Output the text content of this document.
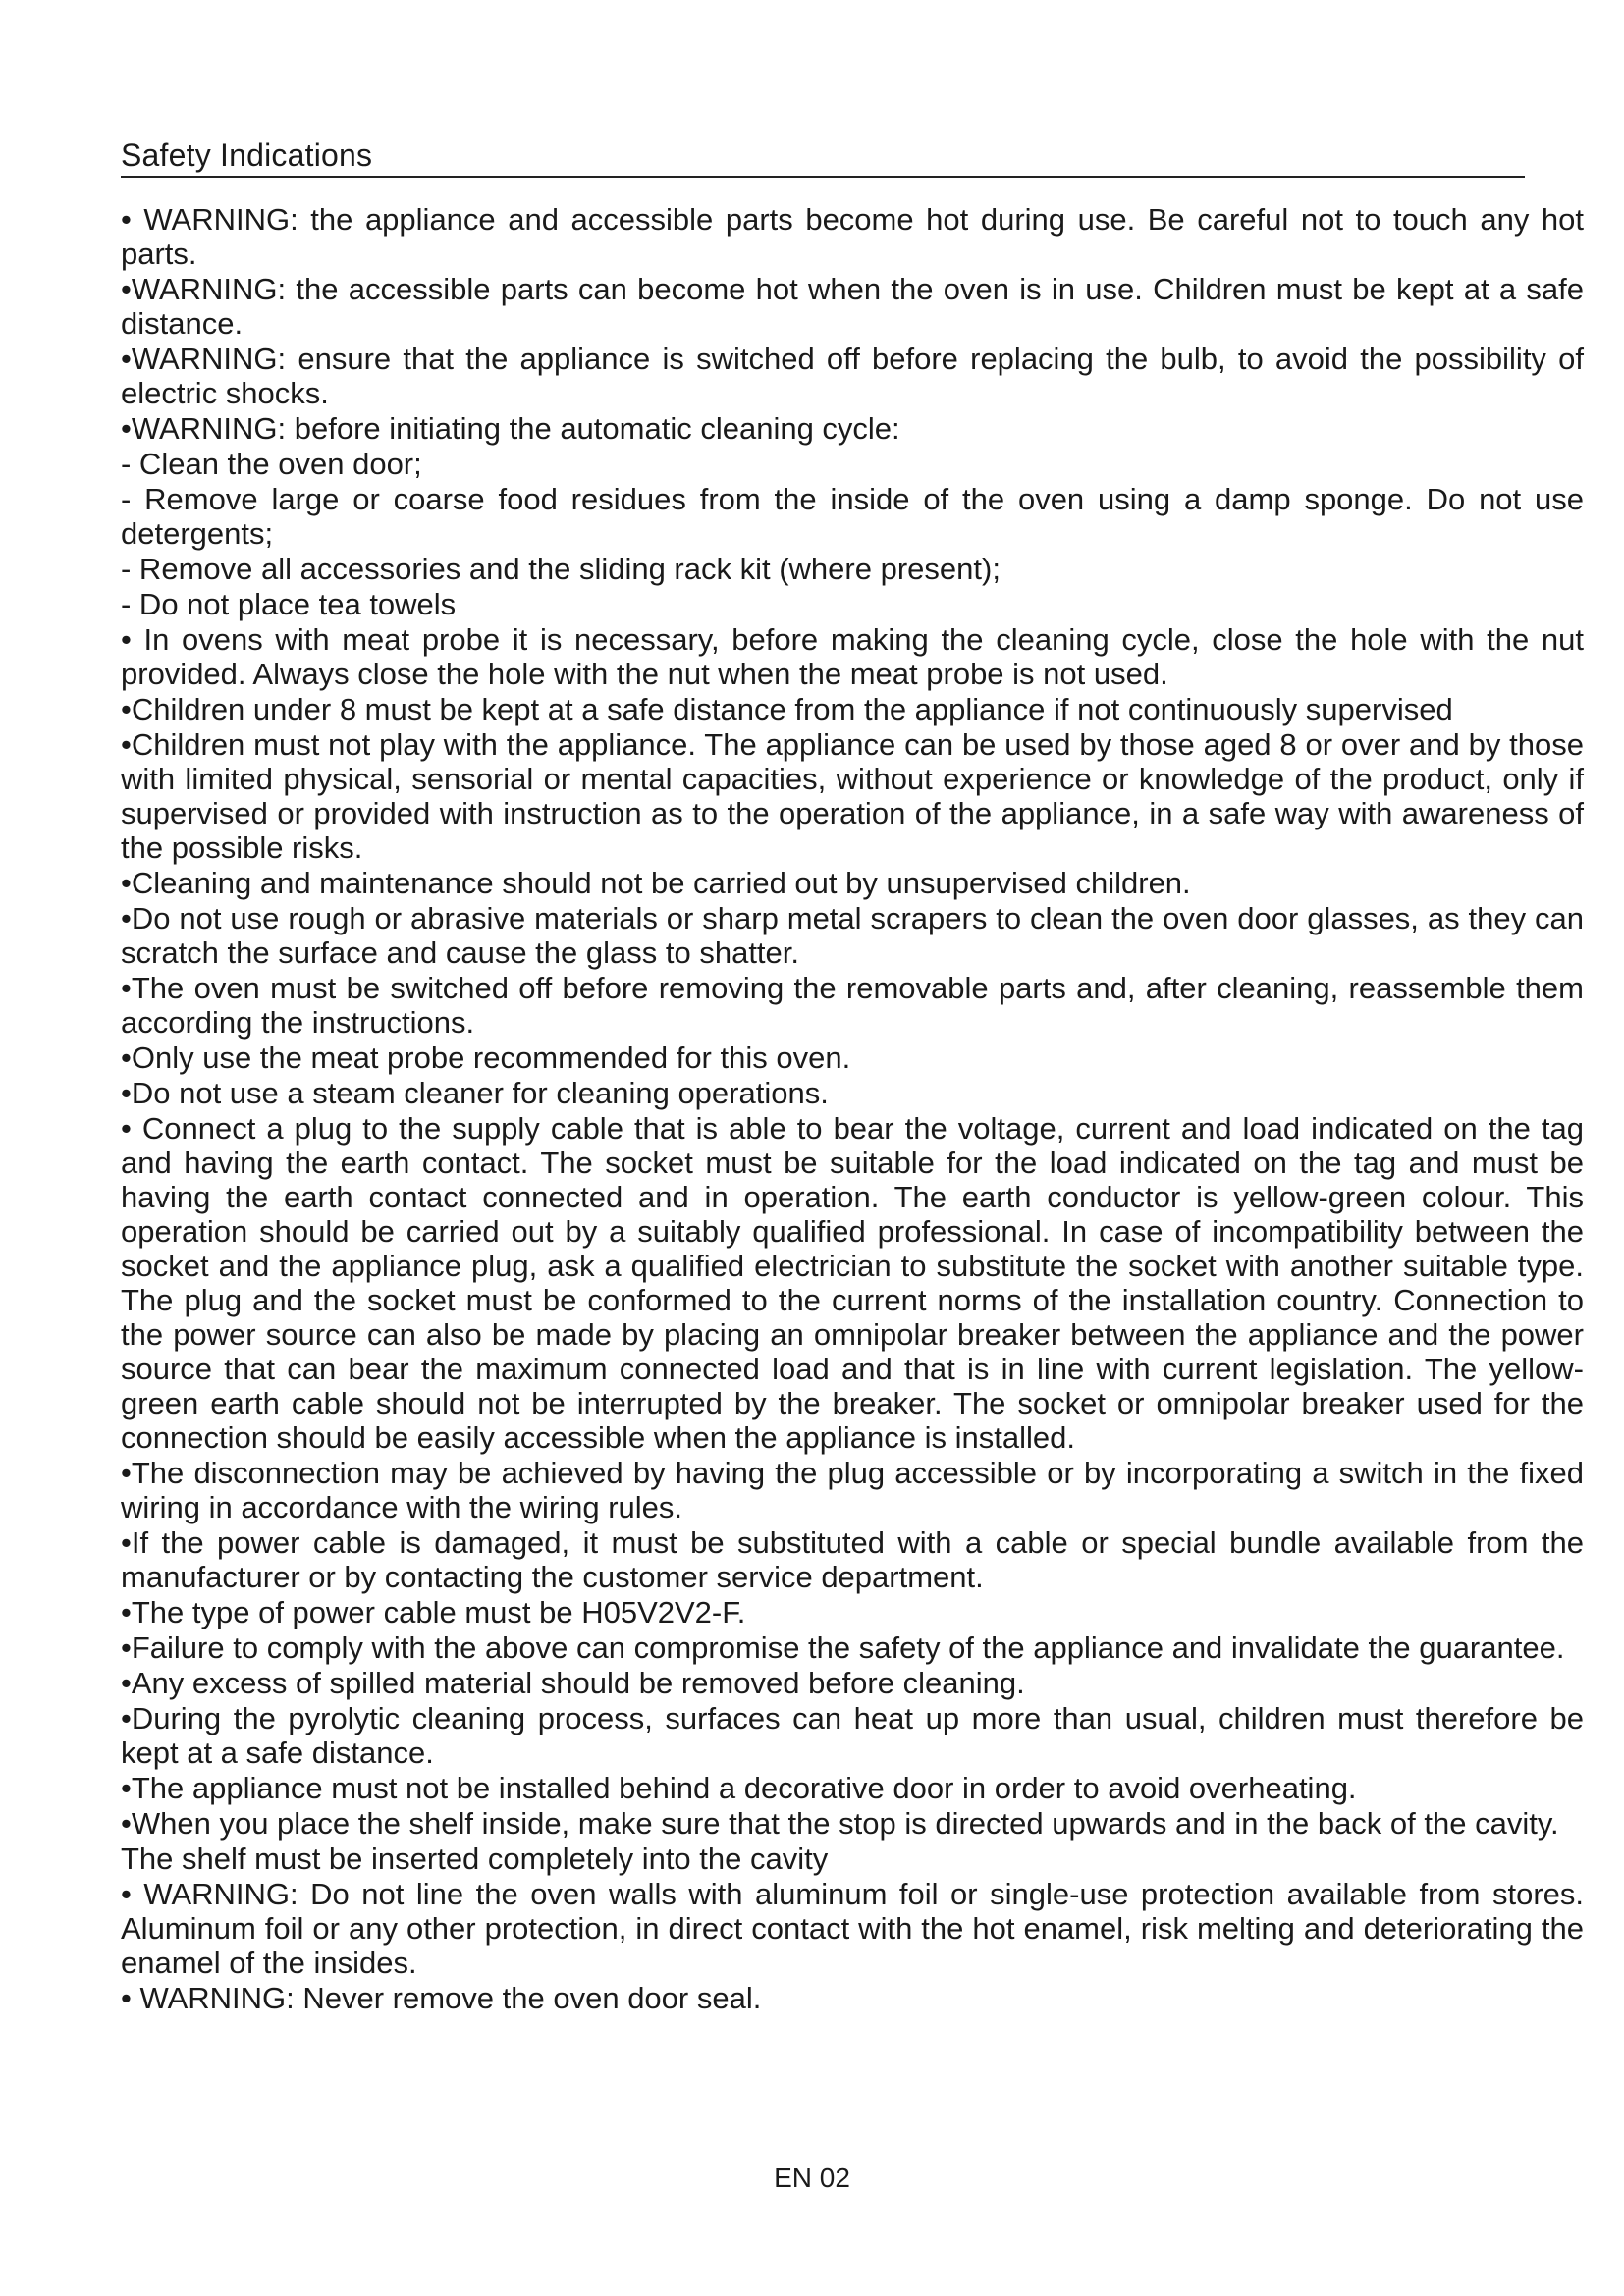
Safety Indications

• WARNING: the appliance and accessible parts become hot during use. Be careful not to touch any hot parts.

•WARNING: the accessible parts can become hot when the oven is in use. Children must be kept at a safe distance.

•WARNING: ensure that the appliance is switched off before replacing the bulb, to avoid the possibility of electric shocks.

•WARNING: before initiating the automatic cleaning cycle:

- Clean the oven door;

- Remove large or coarse food residues from the inside of the oven using a damp sponge. Do not use detergents;

- Remove all accessories and the sliding rack kit (where present);

- Do not place tea towels

• In ovens with meat probe it is necessary, before making the cleaning cycle, close the hole with the nut provided. Always close the hole with the nut when the meat probe is not used.

•Children under 8 must be kept at a safe distance from the appliance if not continuously supervised

•Children must not play with the appliance. The appliance can be used by those aged 8 or over and by those with limited physical, sensorial or mental capacities, without experience or knowledge of the product, only if supervised or provided with instruction as to the operation of the appliance, in a safe way with awareness of the possible risks.

•Cleaning and maintenance should not be carried out by unsupervised children.

•Do not use rough or abrasive materials or sharp metal scrapers to clean the oven door glasses, as they can scratch the surface and cause the glass to shatter.

•The oven must be switched off before removing the removable parts and, after cleaning, reassemble them according the instructions.

•Only use the meat probe recommended for this oven.

•Do not use a steam cleaner for cleaning operations.

• Connect a plug to the supply cable that is able to bear the voltage, current and load indicated on the tag and having the earth contact. The socket must be suitable for the load indicated on the tag and must be having the earth contact connected and in operation. The earth conductor is yellow-green colour. This operation should be carried out by a suitably qualified professional. In case of incompatibility between the socket and the appliance plug, ask a qualified electrician to substitute the socket with another suitable type. The plug and the socket must be conformed to the current norms of the installation country. Connection to the power source can also be made by placing an omnipolar breaker between the appliance and the power source that can bear the maximum connected load and that is in line with current legislation. The yellow-green earth cable should not be interrupted by the breaker. The socket or omnipolar breaker used for the connection should be easily accessible when the appliance is installed.

•The disconnection may be achieved by having the plug accessible or by incorporating a switch in the fixed wiring in accordance with the wiring rules.

•If the power cable is damaged, it must be substituted with a cable or special bundle available from the manufacturer or by contacting the customer service department.

•The type of power cable must be H05V2V2-F.

•Failure to comply with the above can compromise the safety of the appliance and invalidate the guarantee.

•Any excess of spilled material should be removed before cleaning.

•During the pyrolytic cleaning process, surfaces can heat up more than usual, children must therefore be kept at a safe distance.

•The appliance must not be installed behind a decorative door in order to avoid overheating.

•When you place the shelf inside, make sure that the stop is directed upwards and in the back of the cavity.

The shelf must be inserted completely into the cavity

• WARNING: Do not line the oven walls with aluminum foil or single-use protection available from stores. Aluminum foil or any other protection, in direct contact with the hot enamel, risk melting and deteriorating the enamel of the insides.

• WARNING: Never remove the oven door seal.

EN 02
